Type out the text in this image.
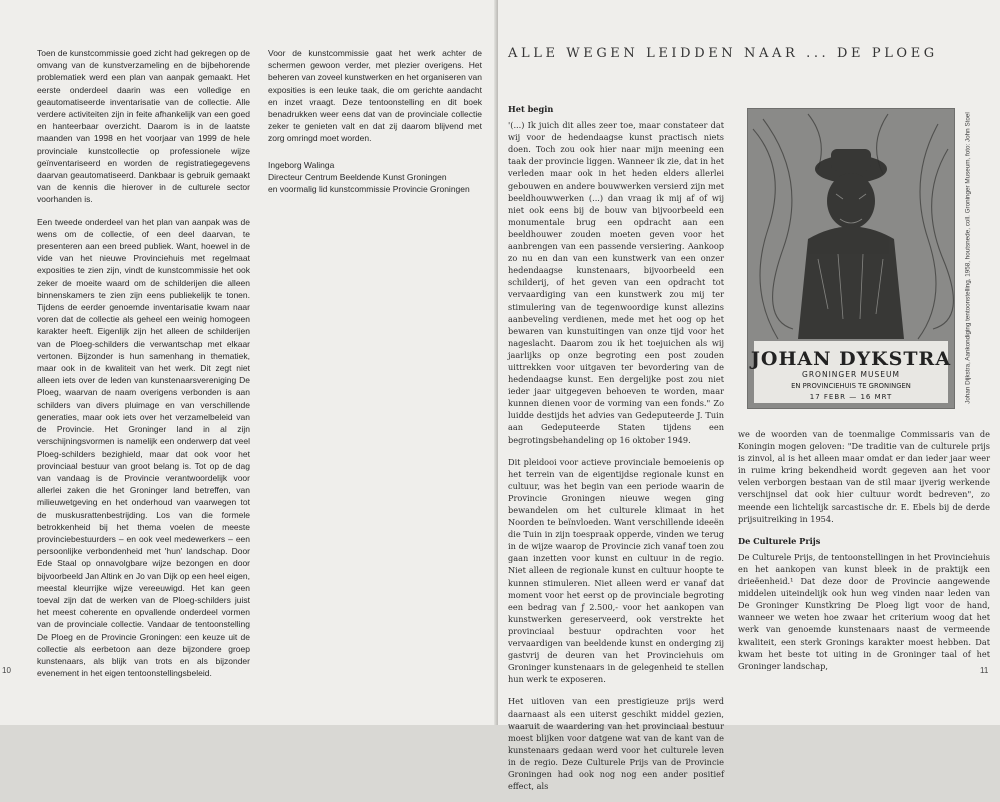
Toen de kunstcommissie goed zicht had gekregen op de omvang van de kunstverzameling en de bijbehorende problematiek werd een plan van aanpak gemaakt. Het eerste onderdeel daarin was een volledige en geautomatiseerde inventarisatie van de collectie. Alle verdere activiteiten zijn in feite afhankelijk van een goed en hanteerbaar overzicht. Daarom is in de laatste maanden van 1998 en het voorjaar van 1999 de hele provinciale kunstcollectie op professionele wijze geïnventariseerd en worden de registratiegegevens daarvan geautomatiseerd. Dankbaar is gebruik gemaakt van de kennis die hierover in de culturele sector voorhanden is.

Een tweede onderdeel van het plan van aanpak was de wens om de collectie, of een deel daarvan, te presenteren aan een breed publiek. Want, hoewel in de vide van het nieuwe Provinciehuis met regelmaat exposities te zien zijn, vindt de kunstcommissie het ook zeker de moeite waard om de schilderijen die alleen binnenskamers te zien zijn eens publiekelijk te tonen. Tijdens de eerder genoemde inventarisatie kwam naar voren dat de collectie als geheel een weinig homogeen karakter heeft. Eigenlijk zijn het alleen de schilderijen van de Ploeg-schilders die verwantschap met elkaar vertonen. Bijzonder is hun samenhang in thematiek, maar ook in de kwaliteit van het werk. Dit zegt niet alleen iets over de leden van kunstenaarsvereniging De Ploeg, waarvan de naam overigens verbonden is aan schilders van divers pluimage en van verschillende generaties, maar ook iets over het verzamelbeleid van de Provincie. Het Groninger land in al zijn verschijningsvormen is namelijk een onderwerp dat veel Ploeg-schilders bezighield, maar dat ook voor het provinciaal bestuur van groot belang is. Tot op de dag van vandaag is de Provincie verantwoordelijk voor allerlei zaken die het Groninger land betreffen, van milieuwetgeving en het onderhoud van vaarwegen tot de muskusrattenbestrijding. Los van die formele betrokkenheid bij het thema voelen de meeste provinciebestuurders – en ook veel medewerkers – een persoonlijke verbondenheid met 'hun' landschap. Door Ede Staal op onnavolgbare wijze bezongen en door bijvoorbeeld Jan Altink en Jo van Dijk op een heel eigen, meestal kleurrijke wijze vereeuwigd. Het kan geen toeval zijn dat de werken van de Ploeg-schilders juist het meest coherente en opvallende onderdeel vormen van de provinciale collectie. Vandaar de tentoonstelling De Ploeg en de Provincie Groningen: een keuze uit de collectie als eerbetoon aan deze bijzondere groep kunstenaars, als blijk van trots en als bijzonder evenement in het eigen tentoonstellingsbeleid.

Voor de kunstcommissie gaat het werk achter de schermen gewoon verder, met plezier overigens. Het beheren van zoveel kunstwerken en het organiseren van exposities is een leuke taak, die om gerichte aandacht en inzet vraagt. Deze tentoonstelling en dit boek benadrukken weer eens dat van de provinciale collectie zeker te genieten valt en dat zij daarom blijvend met zorg omringd moet worden.

Ingeborg Walinga
Directeur Centrum Beeldende Kunst Groningen
en voormalig lid kunstcommissie Provincie Groningen
10
ALLE WEGEN LEIDDEN NAAR ... DE PLOEG

Het begin

'(...) Ik juich dit alles zeer toe, maar constateer dat wij voor de hedendaagse kunst practisch niets doen. Toch zou ook hier naar mijn meening een taak der provincie liggen. Wanneer ik zie, dat in het verleden maar ook in het heden elders allerlei gebouwen en andere bouwwerken versierd zijn met beeldhouwwerken (...) dan vraag ik mij af of wij niet ook eens bij de bouw van bijvoorbeeld een monumentale brug een opdracht aan een beeldhouwer zouden moeten geven voor het aanbrengen van een passende versiering. Aankoop zo nu en dan van een kunstwerk van een onzer hedendaagse kunstenaars, bijvoorbeeld een schilderij, of het geven van een opdracht tot vervaardiging van een kunstwerk zou mij ter stimulering van de tegenwoordige kunst allezins aanbeveling verdienen, mede met het oog op het bewaren van kunstuitingen van onze tijd voor het nageslacht. Daarom zou ik het toejuichen als wij jaarlijks op onze begroting een post zouden uittrekken voor uitgaven ter bevordering van de hedendaagse kunst. Een dergelijke post zou niet ieder jaar uitgegeven behoeven te worden, maar kunnen dienen voor de vorming van een fonds." Zo luidde destijds het advies van Gedeputeerde J. Tuin aan Gedeputeerde Staten tijdens een begrotingsbehandeling op 16 oktober 1949.

Dit pleidooi voor actieve provinciale bemoeienis op het terrein van de eigentijdse regionale kunst en cultuur, was het begin van een periode waarin de Provincie Groningen nieuwe wegen ging bewandelen om het culturele klimaat in het Noorden te beïnvloeden. Want verschillende ideeën die Tuin in zijn toespraak opperde, vinden we terug in de wijze waarop de Provincie zich vanaf toen zou gaan inzetten voor kunst en cultuur in de regio. Niet alleen de regionale kunst en cultuur hoopte te kunnen stimuleren. Niet alleen werd er vanaf dat moment voor het eerst op de provinciale begroting een bedrag van ƒ 2.500,- voor het aankopen van kunstwerken gereserveerd, ook verstrekte het provinciaal bestuur opdrachten voor het vervaardigen van beeldende kunst en onderging zij gastvrij de deuren van het Provinciehuis om Groninger kunstenaars in de gelegenheid te stellen hun werk te exposeren.

Het uitloven van een prestigieuze prijs werd daarnaast als een uiterst geschikt middel gezien, waaruit de waardering van het provinciaal bestuur moest blijken voor datgene wat van de kant van de kunstenaars gedaan werd voor het culturele leven in de regio. Deze Culturele Prijs van de Provincie Groningen had ook nog nog een ander positief effect, als

JOHAN DYKSTRA
GRONINGER MUSEUM
EN PROVINCIEHUIS TE GRONINGEN
17 FEBR — 16 MRT	Johan Dijkstra, Aankondiging tentoonstelling, 1958, houtsnede, coll. Groninger Museum, foto: John Stoel

we de woorden van de toenmalige Commissaris van de Koningin mogen geloven: "De traditie van de culturele prijs is zinvol, al is het alleen maar omdat er dan ieder jaar weer in ruime kring bekendheid wordt gegeven aan het voor velen verborgen bestaan van de stil maar ijverig werkende verschijnsel dat ook hier cultuur wordt bedreven", zo meende een lichtelijk sarcastische dr. E. Ebels bij de derde prijsuitreiking in 1954.

De Culturele Prijs

De Culturele Prijs, de tentoonstellingen in het Provinciehuis en het aankopen van kunst bleek in de praktijk een drieëenheid.¹ Dat deze door de Provincie aangewende middelen uiteindelijk ook hun weg vinden naar leden van De Groninger Kunstkring De Ploeg ligt voor de hand, wanneer we weten hoe zwaar het criterium woog dat het werk van genoemde kunstenaars naast de vermeende kwaliteit, een sterk Gronings karakter moest hebben. Dat kwam het beste tot uiting in de Groninger taal of het Groninger landschap,	11
